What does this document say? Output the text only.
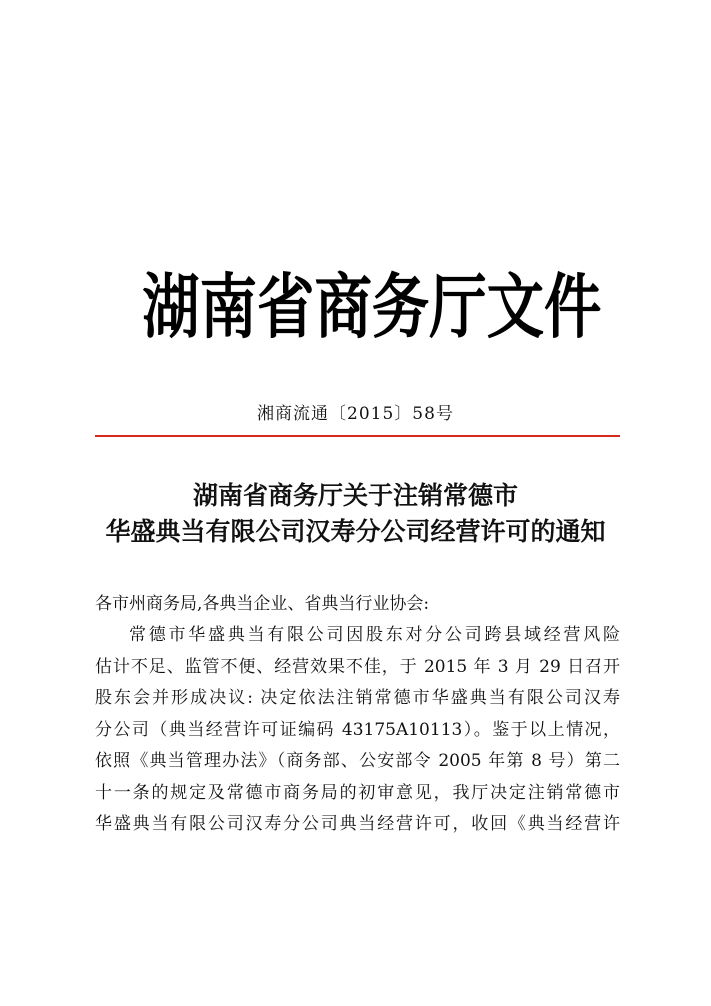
湖 南 省 商 务 厅 文 件
湘商流通〔2015〕58号
湖南省商务厅关于注销常德市
华盛典当有限公司汉寿分公司经营许可的通知
各市州商务局,各典当企业、省典当行业协会:
常德市华盛典当有限公司因股东对分公司跨县域经营风险
估计不足、监管不便、经营效果不佳，于 2015 年 3 月 29 日召开
股东会并形成决议: 决定依法注销常德市华盛典当有限公司汉寿
分公司（典当经营许可证编码 43175A10113）。鉴于以上情况，
依照《典当管理办法》（商务部、公安部令 2005 年第 8 号）第二
十一条的规定及常德市商务局的初审意见，我厅决定注销常德市
华盛典当有限公司汉寿分公司典当经营许可，收回《典当经营许
